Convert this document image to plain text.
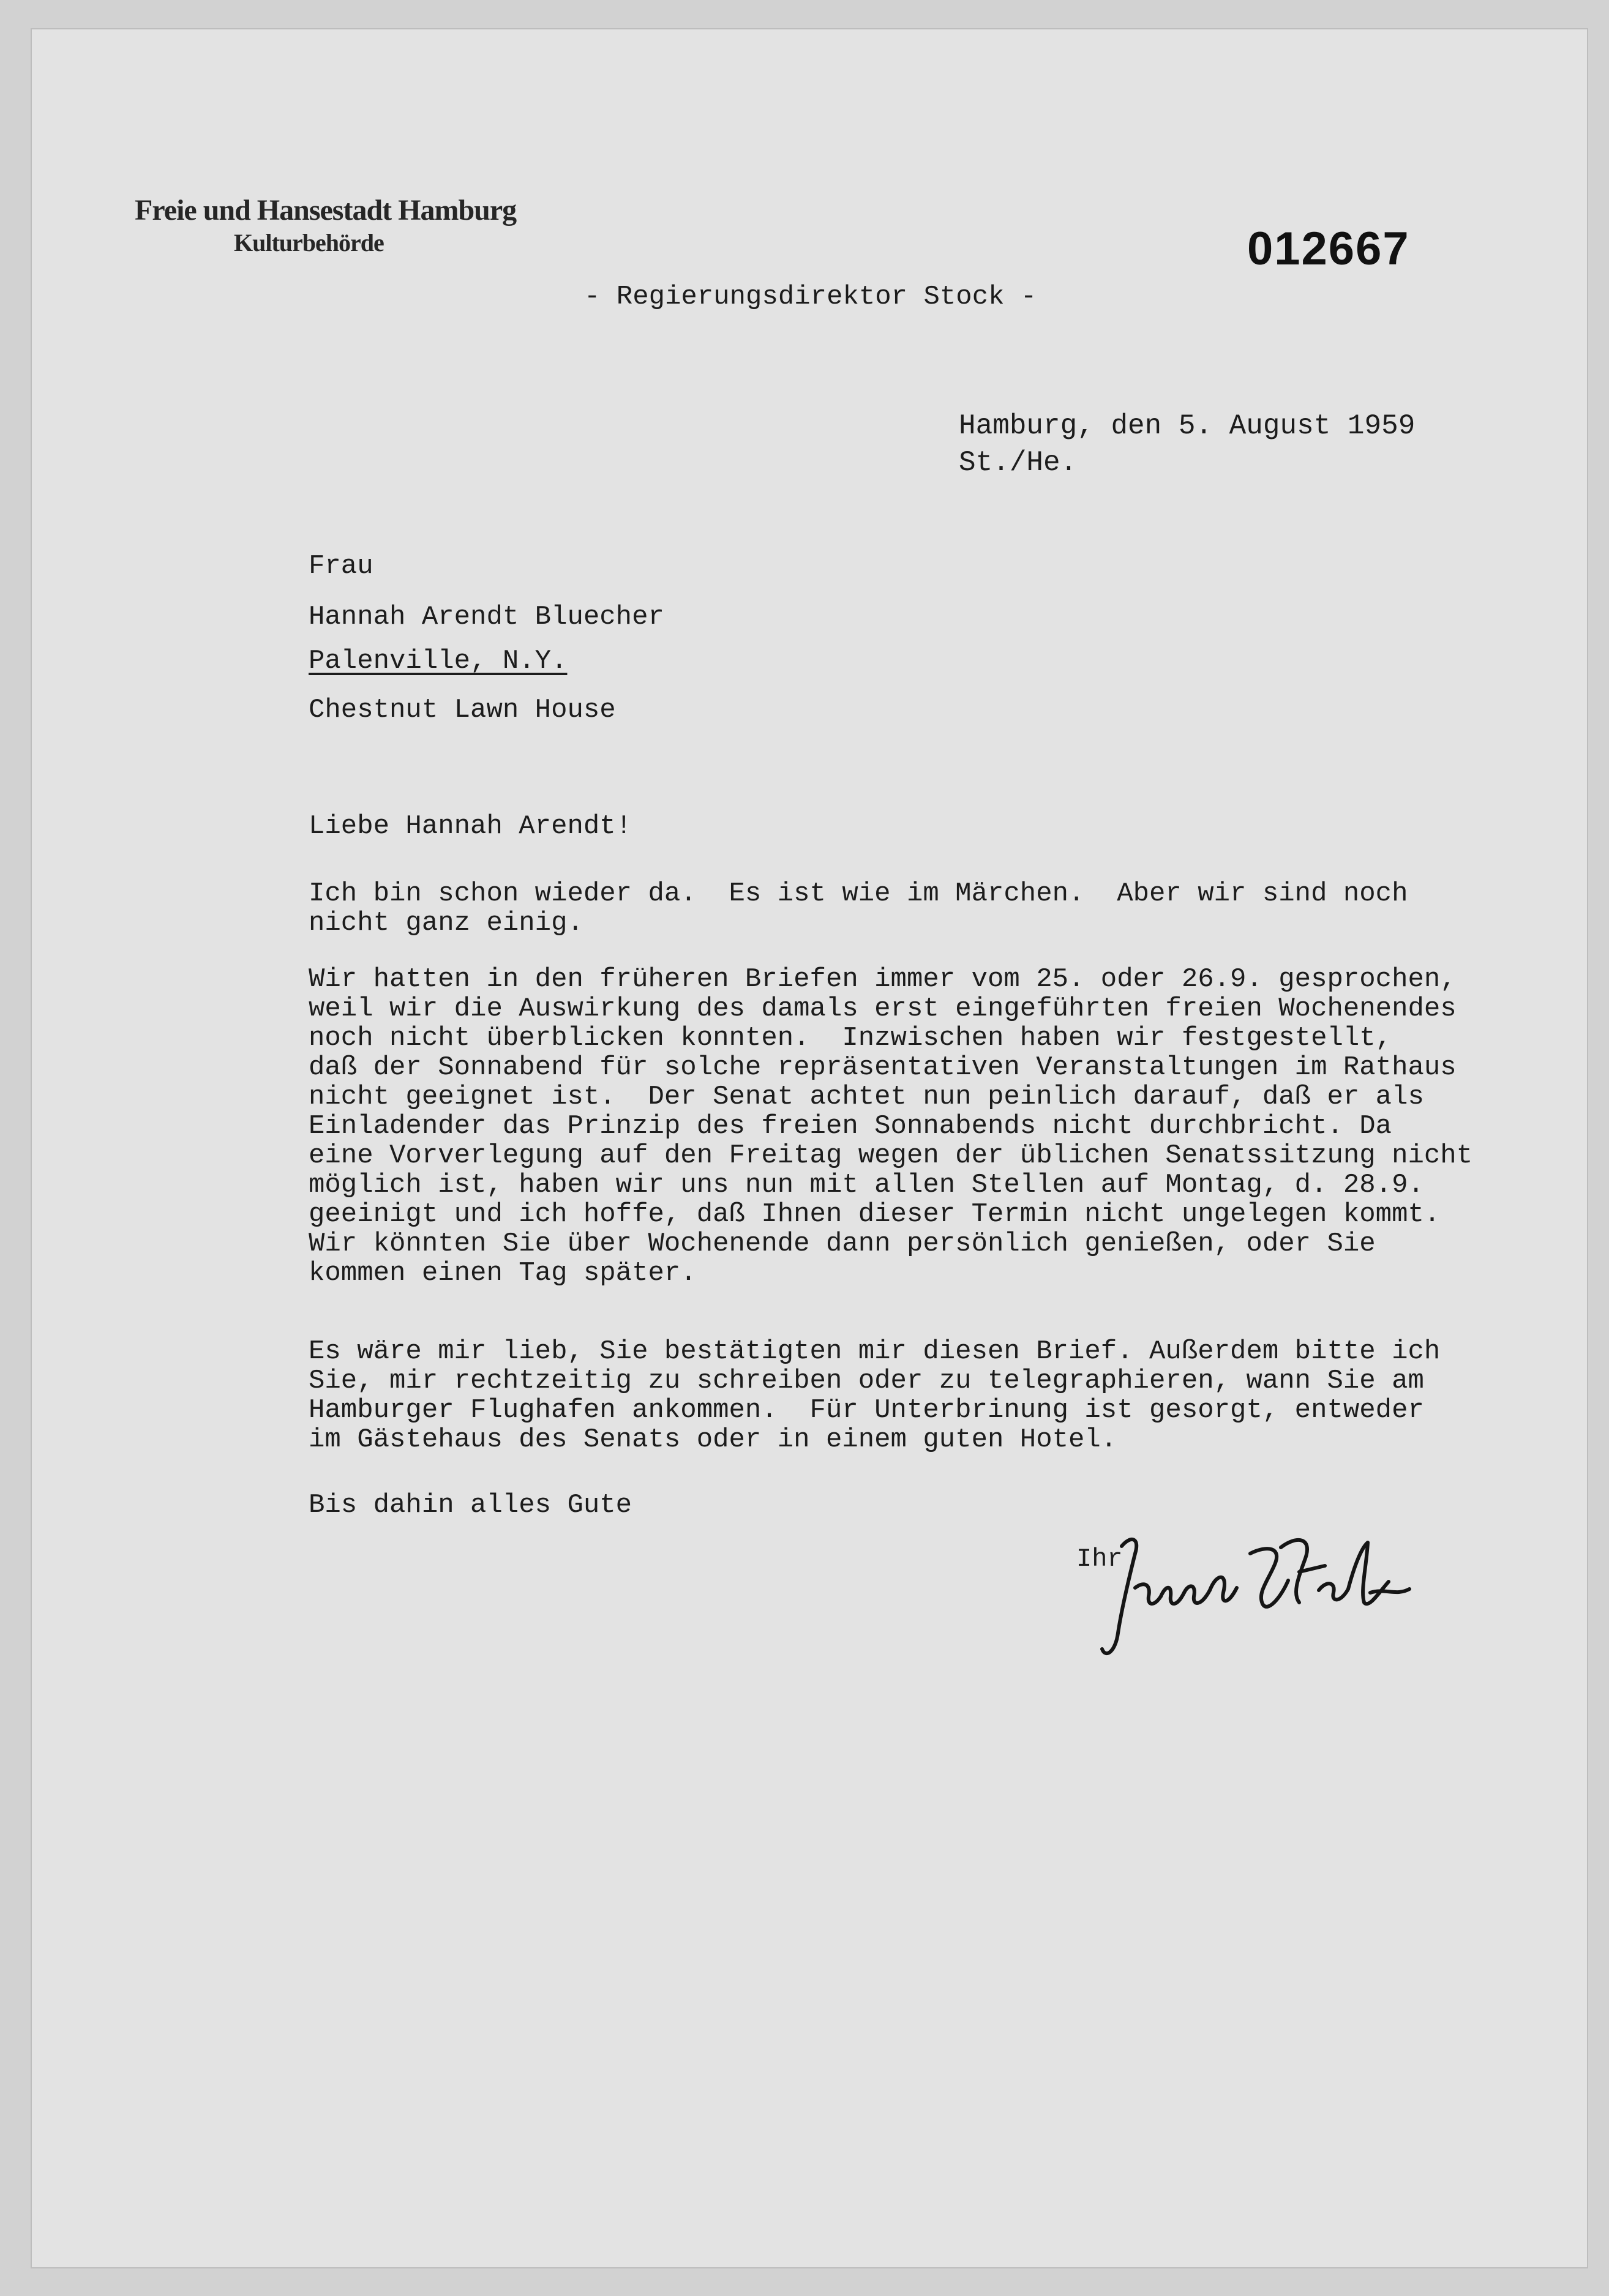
Freie und Hansestadt Hamburg
Kulturbehörde	012667

- Regierungsdirektor Stock -

Hamburg, den 5. August 1959

St./He.

Frau

Hannah Arendt Bluecher

Palenville, N.Y.

Chestnut Lawn House

Liebe Hannah Arendt!

Ich bin schon wieder da.  Es ist wie im Märchen.  Aber wir sind noch
nicht ganz einig.
Wir hatten in den früheren Briefen immer vom 25. oder 26.9. gesprochen,
weil wir die Auswirkung des damals erst eingeführten freien Wochenendes
noch nicht überblicken konnten.  Inzwischen haben wir festgestellt,
daß der Sonnabend für solche repräsentativen Veranstaltungen im Rathaus
nicht geeignet ist.  Der Senat achtet nun peinlich darauf, daß er als
Einladender das Prinzip des freien Sonnabends nicht durchbricht. Da
eine Vorverlegung auf den Freitag wegen der üblichen Senatssitzung nicht
möglich ist, haben wir uns nun mit allen Stellen auf Montag, d. 28.9.
geeinigt und ich hoffe, daß Ihnen dieser Termin nicht ungelegen kommt.
Wir könnten Sie über Wochenende dann persönlich genießen, oder Sie
kommen einen Tag später.
Es wäre mir lieb, Sie bestätigten mir diesen Brief. Außerdem bitte ich
Sie, mir rechtzeitig zu schreiben oder zu telegraphieren, wann Sie am
Hamburger Flughafen ankommen.  Für Unterbrinung ist gesorgt, entweder
im Gästehaus des Senats oder in einem guten Hotel.

Bis dahin alles Gute

Ihr
